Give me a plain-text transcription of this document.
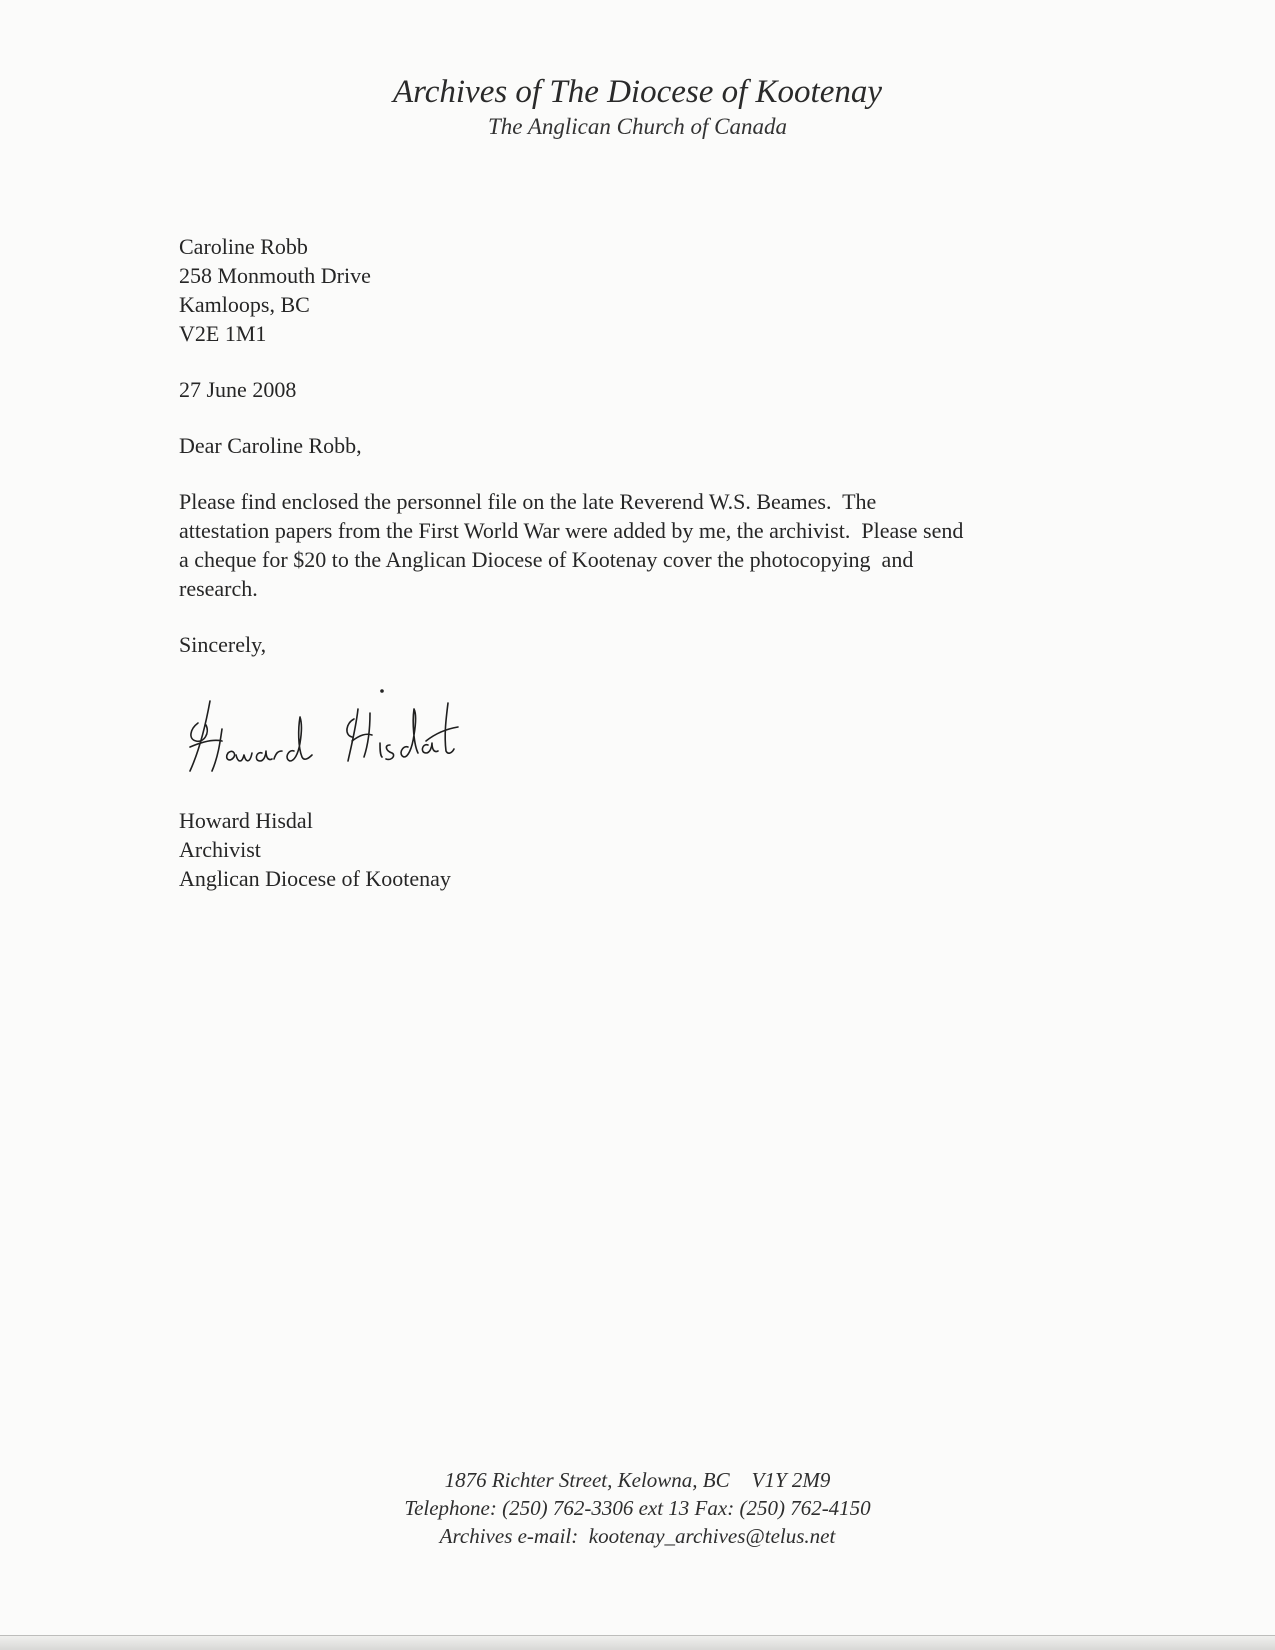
Archives of The Diocese of Kootenay
The Anglican Church of Canada

Caroline Robb

258 Monmouth Drive

Kamloops, BC

V2E 1M1

27 June 2008

Dear Caroline Robb,

Please find enclosed the personnel file on the late Reverend W.S. Beames.  The

attestation papers from the First World War were added by me, the archivist.  Please send

a cheque for $20 to the Anglican Diocese of Kootenay cover the photocopying  and

research.

Sincerely,

Howard Hisdal

Archivist

Anglican Diocese of Kootenay

1876 Richter Street, Kelowna, BC V1Y 2M9

Telephone: (250) 762-3306 ext 13 Fax: (250) 762-4150

Archives e-mail:  kootenay_archives@telus.net
